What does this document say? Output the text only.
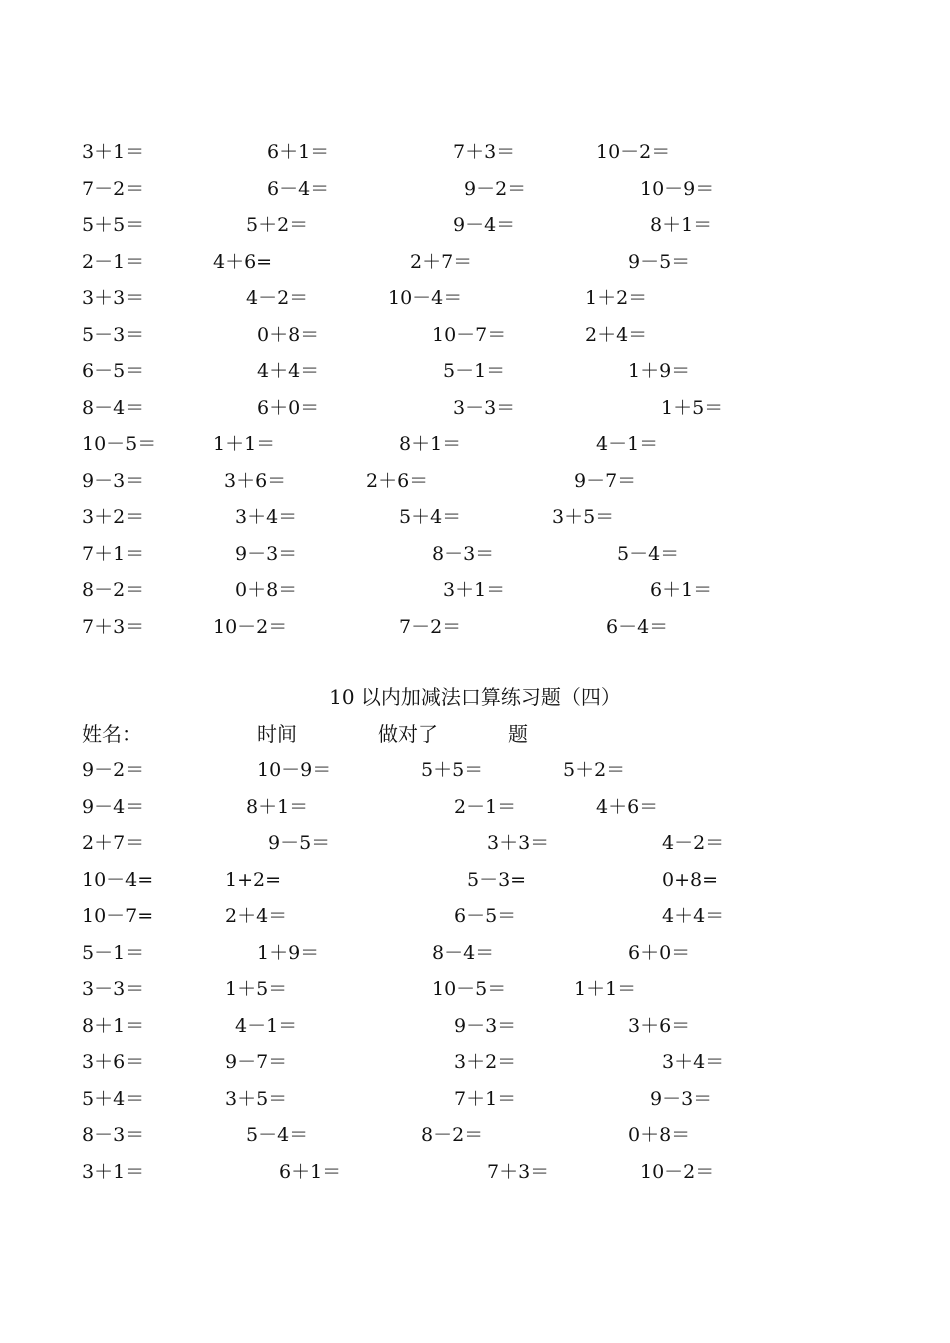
3＋1＝	6＋1＝	7＋3＝	10－2＝
7－2＝	6－4＝	9－2＝	10－9＝
5＋5＝	5＋2＝	9－4＝	8＋1＝
2－1＝	4＋6=	2＋7＝	9－5＝
3＋3＝	4－2＝	10－4＝	1＋2＝
5－3＝	0＋8＝	10－7＝	2＋4＝
6－5＝	4＋4＝	5－1＝	1＋9＝
8－4＝	6＋0＝	3－3＝	1＋5＝
10－5＝	1＋1＝	8＋1＝	4－1＝
9－3＝	3＋6＝	2＋6＝	9－7＝
3＋2＝	3＋4＝	5＋4＝	3＋5＝
7＋1＝	9－3＝	8－3＝	5－4＝
8－2＝	0＋8＝	3＋1＝	6＋1＝
7＋3＝	10－2＝	7－2＝	6－4＝
10 以内加减法口算练习题（四）
姓名：	时间	做对了	题
9－2＝	10－9＝	5＋5＝	5＋2＝
9－4＝	8＋1＝	2－1＝	4＋6＝
2＋7＝	9－5＝	3＋3＝	4－2＝
10－4=	1+2=	5－3=	0+8=
10－7=	2＋4＝	6－5＝	4＋4＝
5－1＝	1＋9＝	8－4＝	6＋0＝
3－3＝	1＋5＝	10－5＝	1＋1＝
8＋1＝	4－1＝	9－3＝	3＋6＝
3＋6＝	9－7＝	3＋2＝	3＋4＝
5＋4＝	3＋5＝	7＋1＝	9－3＝
8－3＝	5－4＝	8－2＝	0＋8＝
3＋1＝	6＋1＝	7＋3＝	10－2＝
